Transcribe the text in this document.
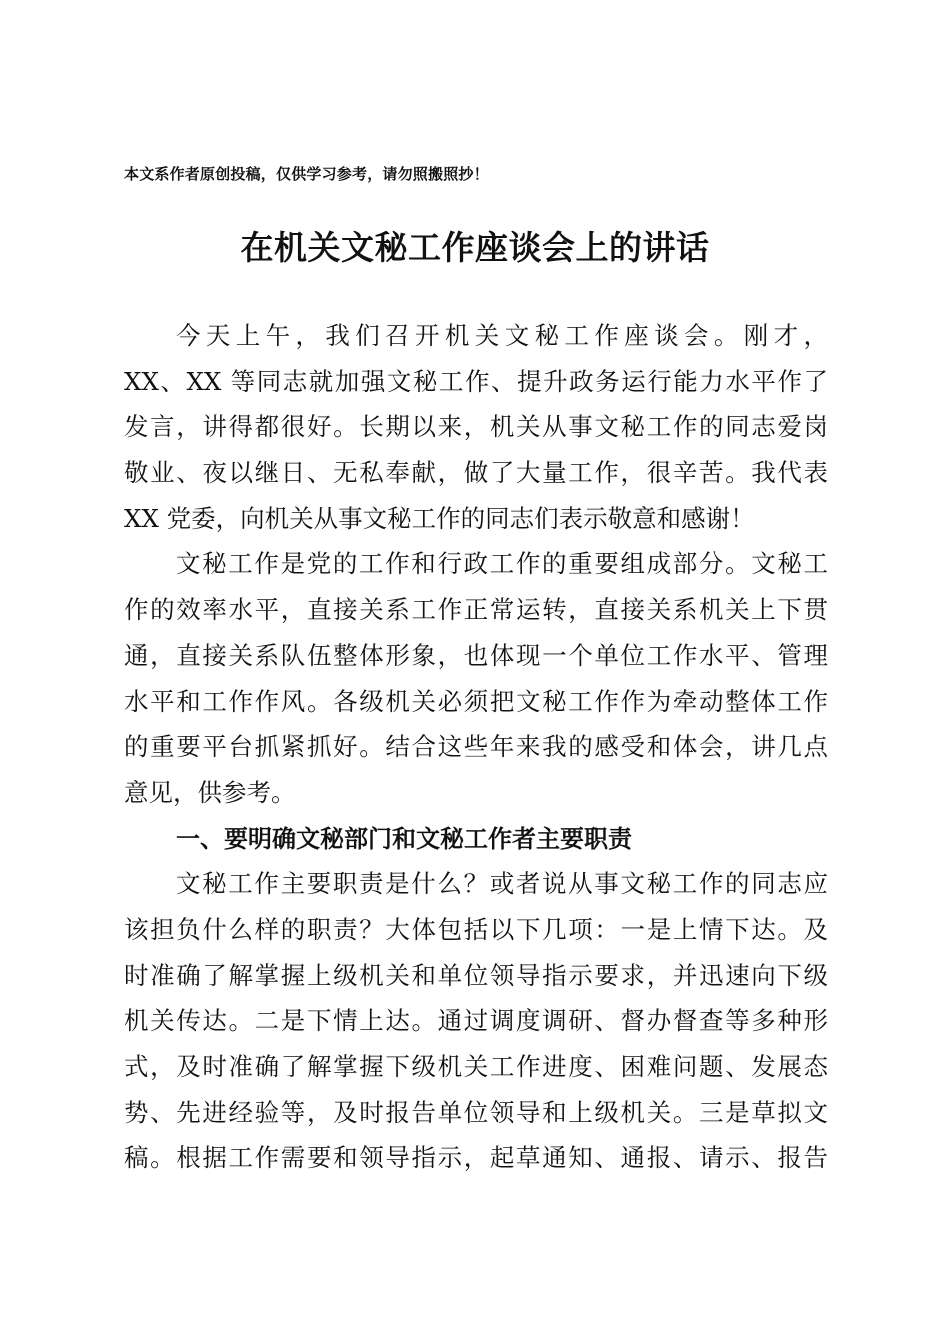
本文系作者原创投稿，仅供学习参考，请勿照搬照抄！
在机关文秘工作座谈会上的讲话
今天上午，我们召开机关文秘工作座谈会。刚才，
XX、XX 等同志就加强文秘工作、提升政务运行能力水平作了
发言，讲得都很好。长期以来，机关从事文秘工作的同志爱岗
敬业、夜以继日、无私奉献，做了大量工作，很辛苦。我代表
XX 党委，向机关从事文秘工作的同志们表示敬意和感谢！
文秘工作是党的工作和行政工作的重要组成部分。文秘工
作的效率水平，直接关系工作正常运转，直接关系机关上下贯
通，直接关系队伍整体形象，也体现一个单位工作水平、管理
水平和工作作风。各级机关必须把文秘工作作为牵动整体工作
的重要平台抓紧抓好。结合这些年来我的感受和体会，讲几点
意见，供参考。
一、要明确文秘部门和文秘工作者主要职责
文秘工作主要职责是什么？或者说从事文秘工作的同志应
该担负什么样的职责？大体包括以下几项：一是上情下达。及
时准确了解掌握上级机关和单位领导指示要求，并迅速向下级
机关传达。二是下情上达。通过调度调研、督办督查等多种形
式，及时准确了解掌握下级机关工作进度、困难问题、发展态
势、先进经验等，及时报告单位领导和上级机关。三是草拟文
稿。根据工作需要和领导指示，起草通知、通报、请示、报告
